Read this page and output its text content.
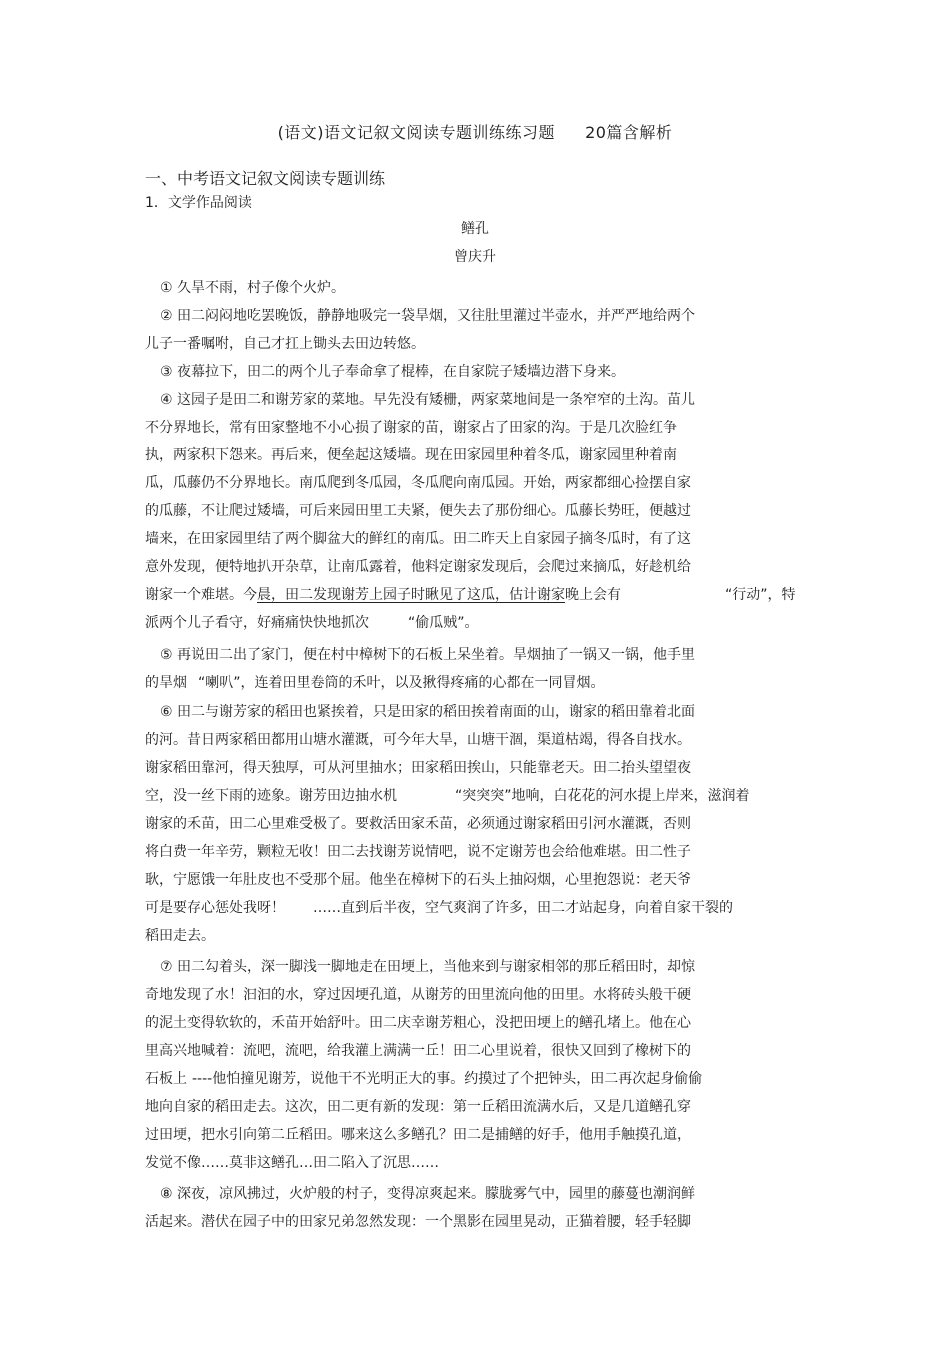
(语文)语文记叙文阅读专题训练练习题 20篇含解析
一、中考语文记叙文阅读专题训练
1．文学作品阅读
鳝孔
曾庆升
① 久旱不雨，村子像个火炉。
② 田二闷闷地吃罢晚饭，静静地吸完一袋旱烟，又往肚里灌过半壶水，并严严地给两个
儿子一番嘱咐，自己才扛上锄头去田边转悠。
③ 夜幕拉下，田二的两个儿子奉命拿了棍棒，在自家院子矮墙边潜下身来。
④ 这园子是田二和谢芳家的菜地。早先没有矮栅，两家菜地间是一条窄窄的土沟。苗儿
不分界地长，常有田家整地不小心损了谢家的苗，谢家占了田家的沟。于是几次脸红争
执，两家积下怨来。再后来，便垒起这矮墙。现在田家园里种着冬瓜，谢家园里种着南
瓜，瓜藤仍不分界地长。南瓜爬到冬瓜园，冬瓜爬向南瓜园。开始，两家都细心捡摆自家
的瓜藤，不让爬过矮墙，可后来园田里工夫紧，便失去了那份细心。瓜藤长势旺，便越过
墙来，在田家园里结了两个脚盆大的鲜红的南瓜。田二昨天上自家园子摘冬瓜时，有了这
意外发现，便特地扒开杂草，让南瓜露着，他料定谢家发现后，会爬过来摘瓜，好趁机给
谢家一个难堪。今晨，田二发现谢芳上园子时瞅见了这瓜，估计谢家晚上会有	“行动”，特
派两个儿子看守，好痛痛快快地抓次	“偷瓜贼”。
⑤ 再说田二出了家门，便在村中樟树下的石板上呆坐着。旱烟抽了一锅又一锅，他手里
的旱烟 “喇叭”，连着田里卷筒的禾叶，以及揪得疼痛的心都在一同冒烟。
⑥ 田二与谢芳家的稻田也紧挨着，只是田家的稻田挨着南面的山，谢家的稻田靠着北面
的河。昔日两家稻田都用山塘水灌溉，可今年大旱，山塘干涸，渠道枯竭，得各自找水。
谢家稻田靠河，得天独厚，可从河里抽水；田家稻田挨山，只能靠老天。田二抬头望望夜
空，没一丝下雨的迹象。谢芳田边抽水机	“突突突”地响，白花花的河水提上岸来，滋润着
谢家的禾苗，田二心里难受极了。要救活田家禾苗，必须通过谢家稻田引河水灌溉，否则
将白费一年辛劳，颗粒无收！田二去找谢芳说情吧，说不定谢芳也会给他难堪。田二性子
耿，宁愿饿一年肚皮也不受那个屈。他坐在樟树下的石头上抽闷烟，心里抱怨说：老天爷
可是要存心惩处我呀！ ……直到后半夜，空气爽润了许多，田二才站起身，向着自家干裂的
稻田走去。
⑦ 田二勾着头，深一脚浅一脚地走在田埂上，当他来到与谢家相邻的那丘稻田时，却惊
奇地发现了水！汩汩的水，穿过因埂孔道，从谢芳的田里流向他的田里。水将砖头般干硬
的泥土变得软软的，禾苗开始舒叶。田二庆幸谢芳粗心，没把田埂上的鳝孔堵上。他在心
里高兴地喊着：流吧，流吧，给我灌上满满一丘！田二心里说着，很快又回到了橡树下的
石板上 ----他怕撞见谢芳，说他干不光明正大的事。约摸过了个把钟头，田二再次起身偷偷
地向自家的稻田走去。这次，田二更有新的发现：第一丘稻田流满水后，又是几道鳝孔穿
过田埂，把水引向第二丘稻田。哪来这么多鳝孔？田二是捕鳝的好手，他用手触摸孔道，
发觉不像……莫非这鳝孔…田二陷入了沉思……
⑧ 深夜，凉风拂过，火炉般的村子，变得凉爽起来。朦胧雾气中，园里的藤蔓也潮润鲜
活起来。潜伏在园子中的田家兄弟忽然发现：一个黑影在园里晃动，正猫着腰，轻手轻脚
